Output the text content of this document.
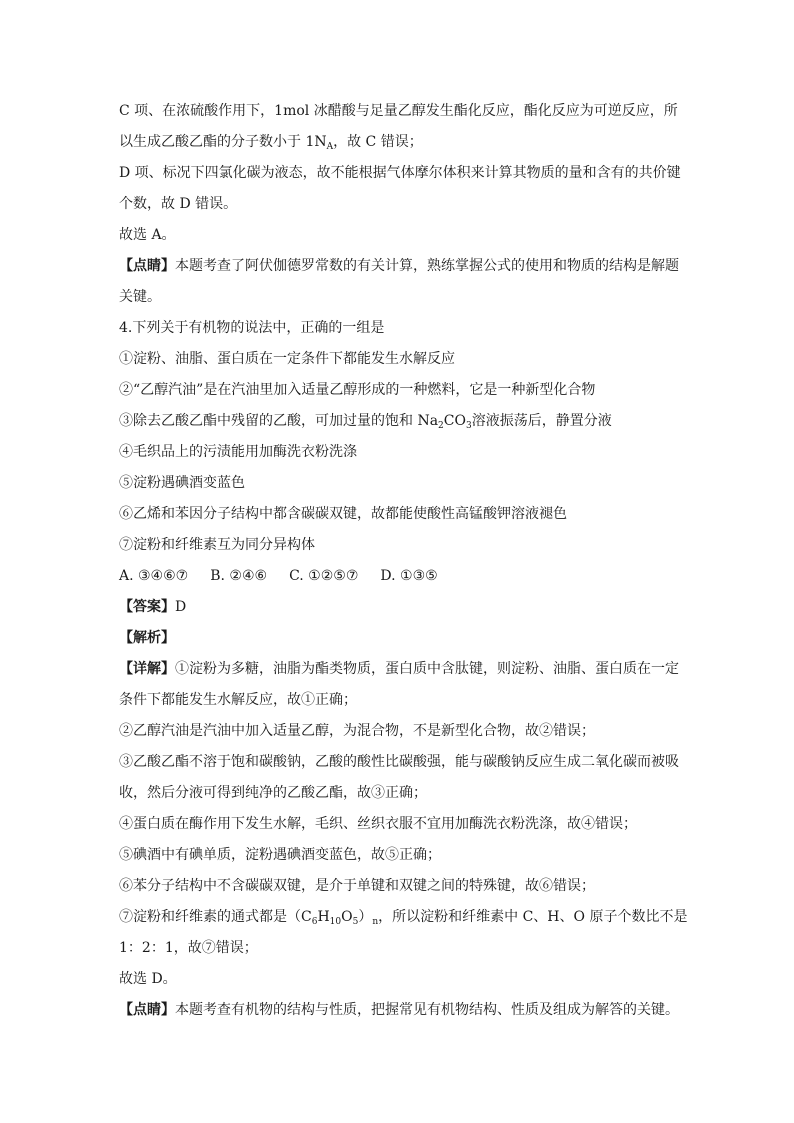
C 项、在浓硫酸作用下，1mol 冰醋酸与足量乙醇发生酯化反应，酯化反应为可逆反应，所

以生成乙酸乙酯的分子数小于 $1N_A$，故 C 错误；

D 项、标况下四氯化碳为液态，故不能根据气体摩尔体积来计算其物质的量和含有的共价键

个数，故 D 错误。

故选 A。

【点睛】本题考查了阿伏伽德罗常数的有关计算，熟练掌握公式的使用和物质的结构是解题

关键。

4.下列关于有机物的说法中，正确的一组是

①淀粉、油脂、蛋白质在一定条件下都能发生水解反应

②“乙醇汽油”是在汽油里加入适量乙醇形成的一种燃料，它是一种新型化合物

③除去乙酸乙酯中残留的乙酸，可加过量的饱和 $Na_2CO_3$溶液振荡后，静置分液

④毛织品上的污渍能用加酶洗衣粉洗涤

⑤淀粉遇碘酒变蓝色

⑥乙烯和苯因分子结构中都含碳碳双键，故都能使酸性高锰酸钾溶液褪色

⑦淀粉和纤维素互为同分异构体

A. ③④⑥⑦ B. ②④⑥ C. ①②⑤⑦ D. ①③⑤

【答案】D

【解析】

【详解】①淀粉为多糖，油脂为酯类物质，蛋白质中含肽键，则淀粉、油脂、蛋白质在一定

条件下都能发生水解反应，故①正确；

②乙醇汽油是汽油中加入适量乙醇，为混合物，不是新型化合物，故②错误；

③乙酸乙酯不溶于饱和碳酸钠，乙酸的酸性比碳酸强，能与碳酸钠反应生成二氧化碳而被吸

收，然后分液可得到纯净的乙酸乙酯，故③正确；

④蛋白质在酶作用下发生水解，毛织、丝织衣服不宜用加酶洗衣粉洗涤，故④错误；

⑤碘酒中有碘单质，淀粉遇碘酒变蓝色，故⑤正确；

⑥苯分子结构中不含碳碳双键，是介于单键和双键之间的特殊键，故⑥错误；

⑦淀粉和纤维素的通式都是$(C_6H_{10}O_5)_n$，所以淀粉和纤维素中 C、H、O 原子个数比不是

1：2：1，故⑦错误；

故选 D。

【点睛】本题考查有机物的结构与性质，把握常见有机物结构、性质及组成为解答的关键。
